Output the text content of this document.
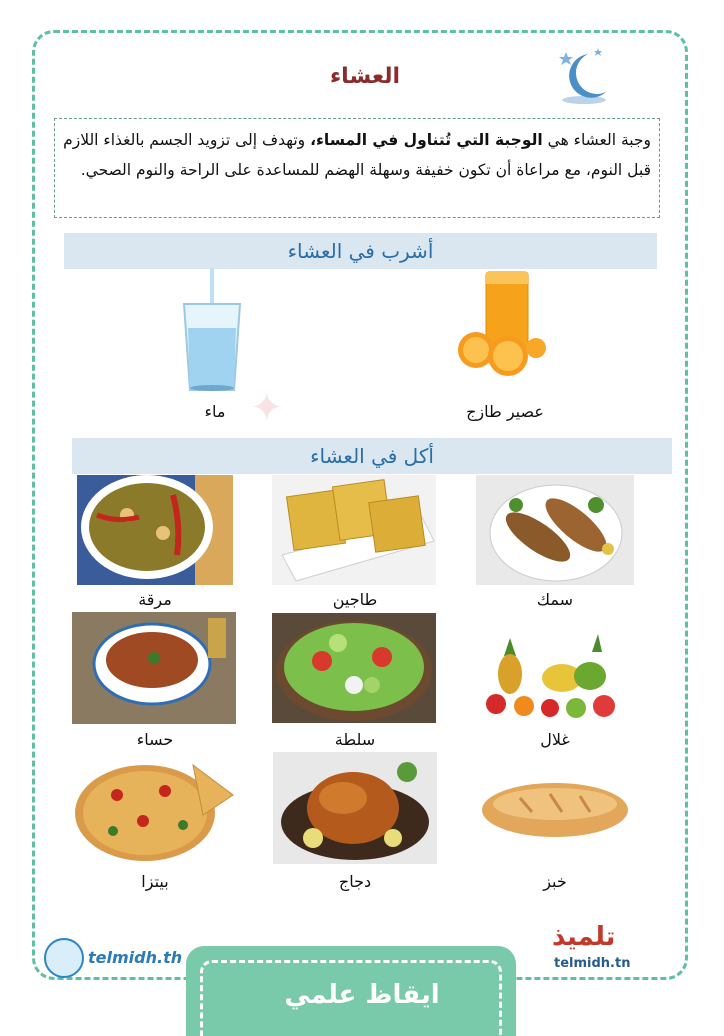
✦
العشاء
وجبة العشاء هي الوجبة التي تُتناول في المساء، وتهدف إلى تزويد الجسم بالغذاء اللازم قبل النوم، مع مراعاة أن تكون خفيفة وسهلة الهضم للمساعدة على الراحة والنوم الصحي.
أشرب في العشاء
عصير طازج
ماء
أكل في العشاء
سمك
طاجين
مرقة
غلال
سلطة
حساء
خبز
دجاج
بيتزا
telmidh.th
تلميذ
telmidh.tn
ايقاظ علمي
